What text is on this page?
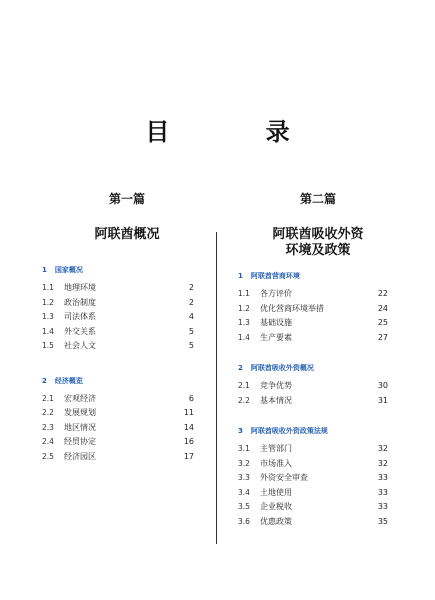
目 录
第一篇
阿联酋概况
1 国家概况
1.1	地理环境	2
1.2	政治制度	2
1.3	司法体系	4
1.4	外交关系	5
1.5	社会人文	5
2 经济概览
2.1	宏观经济	6
2.2	发展规划	11
2.3	地区情况	14
2.4	经贸协定	16
2.5	经济园区	17
第二篇
阿联酋吸收外资
环境及政策
1 阿联酋营商环境
1.1	各方评价	22
1.2	优化营商环境举措	24
1.3	基础设施	25
1.4	生产要素	27
2 阿联酋吸收外资概况
2.1	竞争优势	30
2.2	基本情况	31
3 阿联酋吸收外资政策法规
3.1	主管部门	32
3.2	市场准入	32
3.3	外资安全审查	33
3.4	土地使用	33
3.5	企业税收	33
3.6	优惠政策	35
